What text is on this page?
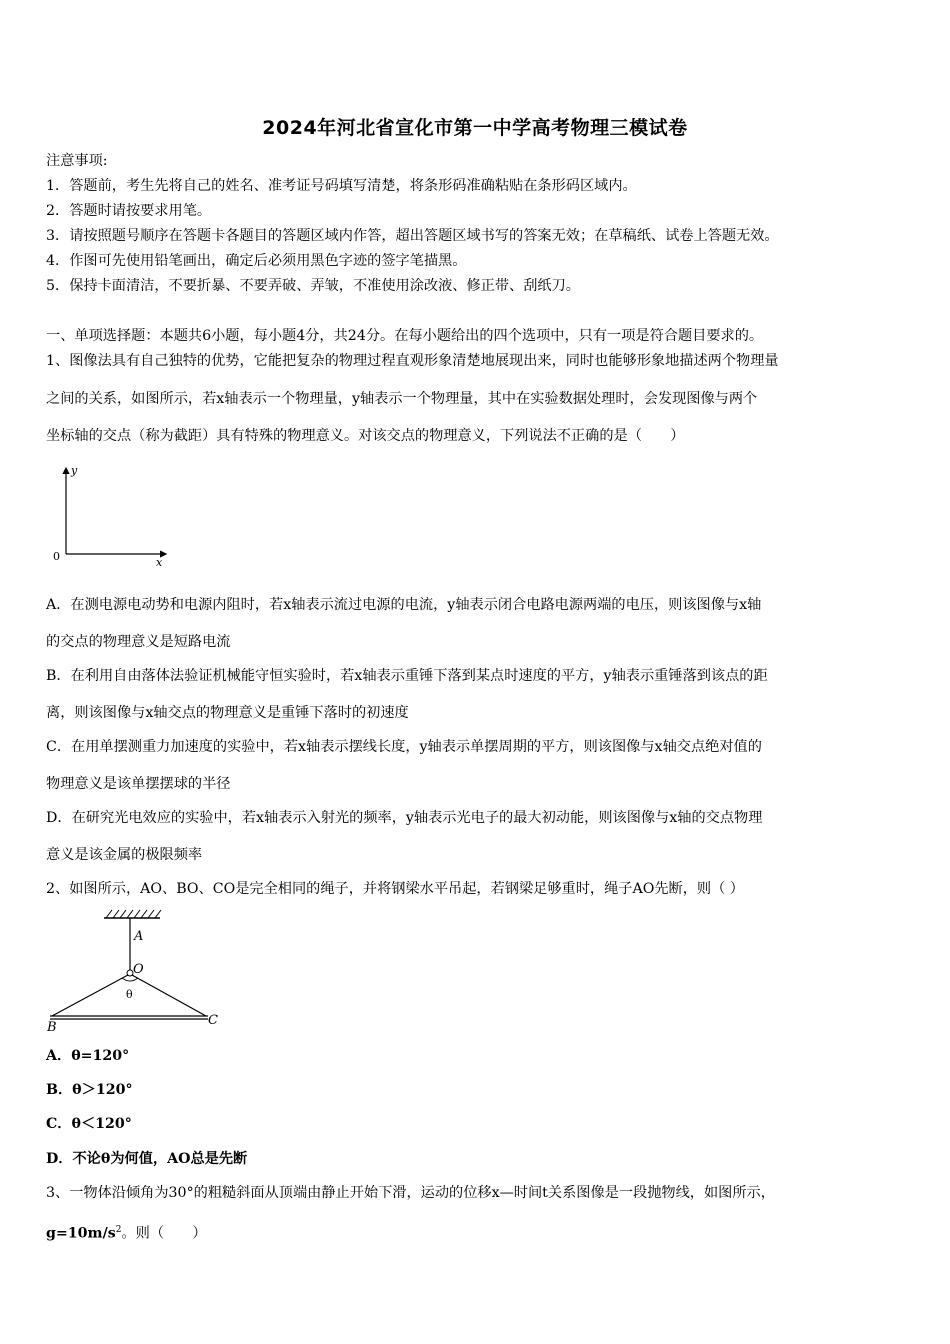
2024年河北省宣化市第一中学高考物理三模试卷
注意事项:
1．答题前，考生先将自己的姓名、准考证号码填写清楚，将条形码准确粘贴在条形码区域内。
2．答题时请按要求用笔。
3．请按照题号顺序在答题卡各题目的答题区域内作答，超出答题区域书写的答案无效；在草稿纸、试卷上答题无效。
4．作图可先使用铅笔画出，确定后必须用黑色字迹的签字笔描黑。
5．保持卡面清洁，不要折暴、不要弄破、弄皱，不准使用涂改液、修正带、刮纸刀。
一、单项选择题：本题共6小题，每小题4分，共24分。在每小题给出的四个选项中，只有一项是符合题目要求的。
1、图像法具有自己独特的优势，它能把复杂的物理过程直观形象清楚地展现出来，同时也能够形象地描述两个物理量
之间的关系，如图所示，若x轴表示一个物理量，y轴表示一个物理量，其中在实验数据处理时，会发现图像与两个
坐标轴的交点（称为截距）具有特殊的物理意义。对该交点的物理意义，下列说法不正确的是（　　）
y
x
0
A．在测电源电动势和电源内阻时，若x轴表示流过电源的电流，y轴表示闭合电路电源两端的电压，则该图像与x轴
的交点的物理意义是短路电流
B．在利用自由落体法验证机械能守恒实验时，若x轴表示重锤下落到某点时速度的平方，y轴表示重锤落到该点的距
离，则该图像与x轴交点的物理意义是重锤下落时的初速度
C．在用单摆测重力加速度的实验中，若x轴表示摆线长度，y轴表示单摆周期的平方，则该图像与x轴交点绝对值的
物理意义是该单摆摆球的半径
D．在研究光电效应的实验中，若x轴表示入射光的频率，y轴表示光电子的最大初动能，则该图像与x轴的交点物理
意义是该金属的极限频率
2、如图所示，AO、BO、CO是完全相同的绳子，并将钢梁水平吊起，若钢梁足够重时，绳子AO先断，则（ ）
A
O
θ
B	C
A．θ=120°
B．θ＞120°
C．θ＜120°
D．不论θ为何值，AO总是先断
3、一物体沿倾角为30°的粗糙斜面从顶端由静止开始下滑，运动的位移x—时间t关系图像是一段抛物线，如图所示，
$g=10m/s^2$。则（　　）
